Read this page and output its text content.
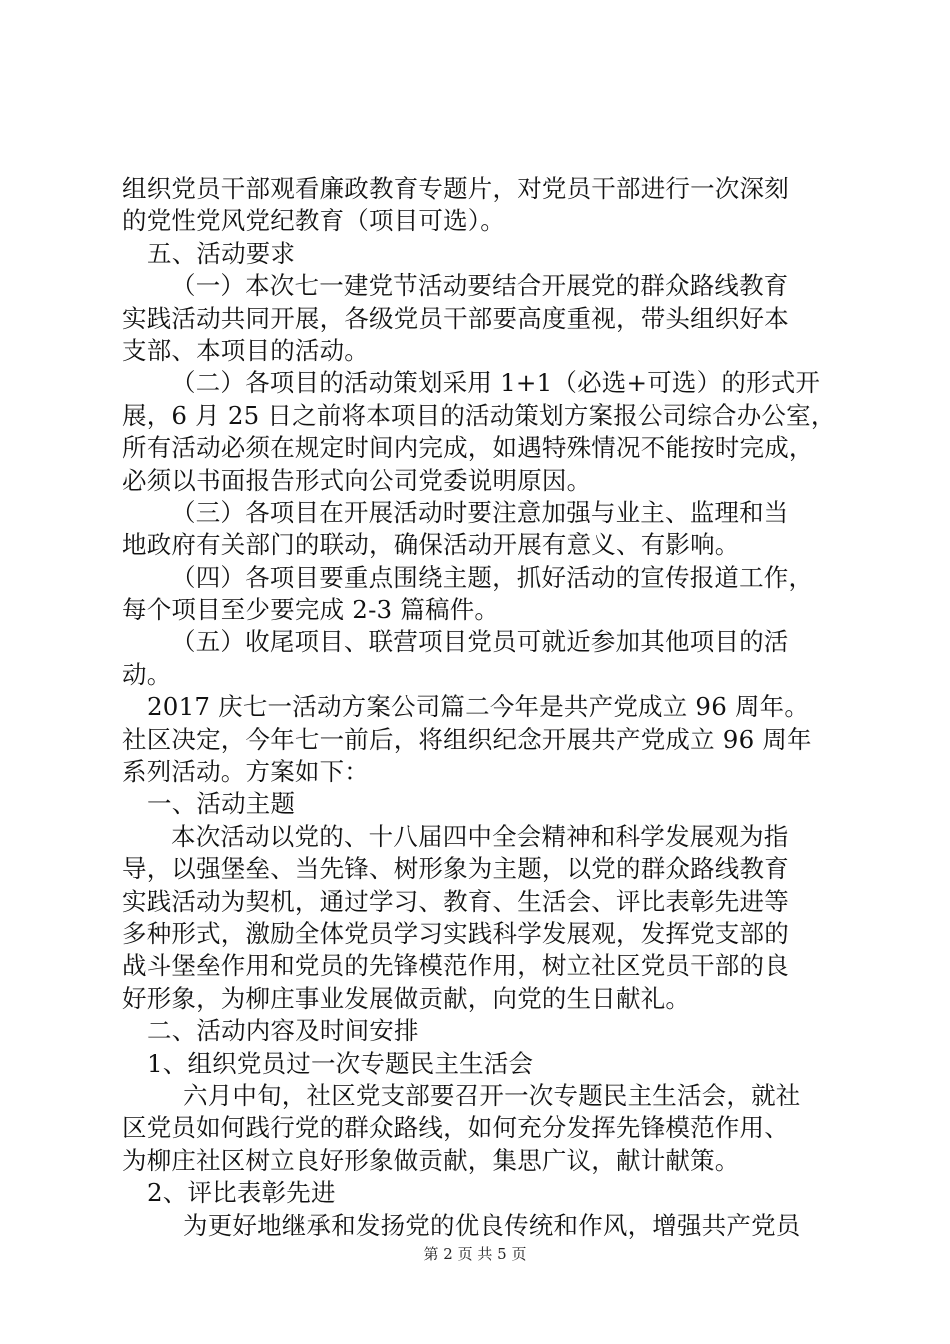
组织党员干部观看廉政教育专题片，对党员干部进行一次深刻
的党性党风党纪教育（项目可选）。
五、活动要求
（一）本次七一建党节活动要结合开展党的群众路线教育
实践活动共同开展，各级党员干部要高度重视，带头组织好本
支部、本项目的活动。
（二）各项目的活动策划采用 1+1（必选+可选）的形式开
展，6 月 25 日之前将本项目的活动策划方案报公司综合办公室，
所有活动必须在规定时间内完成，如遇特殊情况不能按时完成，
必须以书面报告形式向公司党委说明原因。
（三）各项目在开展活动时要注意加强与业主、监理和当
地政府有关部门的联动，确保活动开展有意义、有影响。
（四）各项目要重点围绕主题，抓好活动的宣传报道工作，
每个项目至少要完成 2-3 篇稿件。
（五）收尾项目、联营项目党员可就近参加其他项目的活
动。
2017 庆七一活动方案公司篇二今年是共产党成立 96 周年。
社区决定，今年七一前后，将组织纪念开展共产党成立 96 周年
系列活动。方案如下：
一、活动主题
本次活动以党的、十八届四中全会精神和科学发展观为指
导，以强堡垒、当先锋、树形象为主题，以党的群众路线教育
实践活动为契机，通过学习、教育、生活会、评比表彰先进等
多种形式，激励全体党员学习实践科学发展观，发挥党支部的
战斗堡垒作用和党员的先锋模范作用，树立社区党员干部的良
好形象，为柳庄事业发展做贡献，向党的生日献礼。
二、活动内容及时间安排
1、组织党员过一次专题民主生活会
六月中旬，社区党支部要召开一次专题民主生活会，就社
区党员如何践行党的群众路线，如何充分发挥先锋模范作用、
为柳庄社区树立良好形象做贡献，集思广议，献计献策。
2、评比表彰先进
为更好地继承和发扬党的优良传统和作风，增强共产党员
第 2 页 共 5 页
